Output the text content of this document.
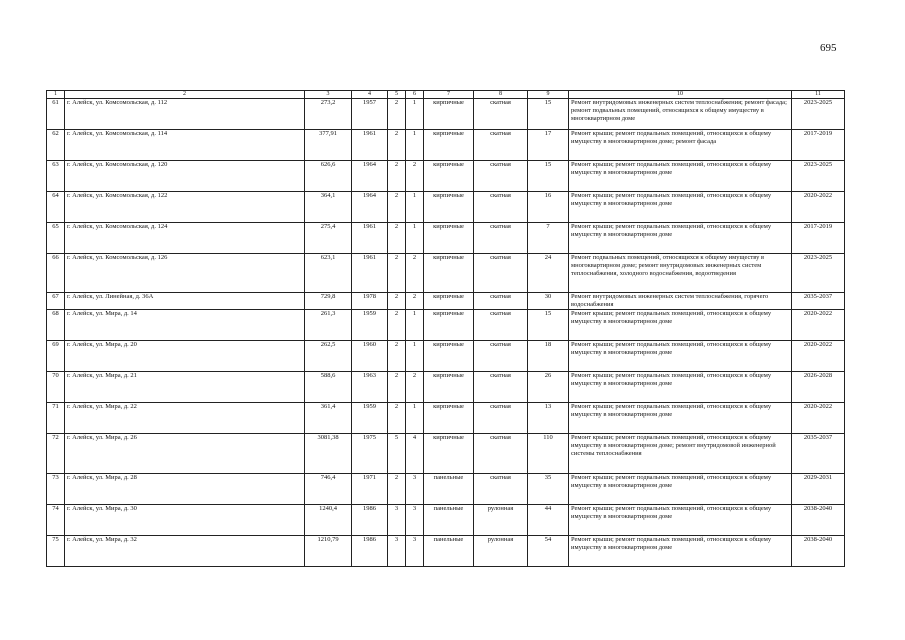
695
1	2	3	4	5	6	7	8	9	10	11
61	г. Алейск, ул. Комсомольская, д. 112	273,2	1957	2	1	кирпичные	скатная	15	Ремонт внутридомовых инженерных систем теплоснабжения; ремонт фасада; ремонт подвальных помещений, относящихся к общему имуществу в многоквартирном доме	2023-2025
62	г. Алейск, ул. Комсомольская, д. 114	377,91	1961	2	1	кирпичные	скатная	17	Ремонт крыши; ремонт подвальных помещений, относящихся к общему имуществу в многоквартирном доме; ремонт фасада	2017-2019
63	г. Алейск, ул. Комсомольская, д. 120	626,6	1964	2	2	кирпичные	скатная	15	Ремонт крыши; ремонт подвальных помещений, относящихся к общему имуществу в многоквартирном доме	2023-2025
64	г. Алейск, ул. Комсомольская, д. 122	364,1	1964	2	1	кирпичные	скатная	16	Ремонт крыши; ремонт подвальных помещений, относящихся к общему имуществу в многоквартирном доме	2020-2022
65	г. Алейск, ул. Комсомольская, д. 124	275,4	1961	2	1	кирпичные	скатная	7	Ремонт крыши; ремонт подвальных помещений, относящихся к общему имуществу в многоквартирном доме	2017-2019
66	г. Алейск, ул. Комсомольская, д. 126	623,1	1961	2	2	кирпичные	скатная	24	Ремонт подвальных помещений, относящихся к общему имуществу в многоквартирном доме; ремонт внутридомовых инженерных систем теплоснабжения, холодного водоснабжения, водоотведения	2023-2025
67	г. Алейск, ул. Линейная, д. 36А	729,8	1978	2	2	кирпичные	скатная	30	Ремонт внутридомовых инженерных систем теплоснабжения, горячего водоснабжения	2035-2037
68	г. Алейск, ул. Мира, д. 14	261,3	1959	2	1	кирпичные	скатная	15	Ремонт крыши; ремонт подвальных помещений, относящихся к общему имуществу в многоквартирном доме	2020-2022
69	г. Алейск, ул. Мира, д. 20	262,5	1960	2	1	кирпичные	скатная	18	Ремонт крыши; ремонт подвальных помещений, относящихся к общему имуществу в многоквартирном доме	2020-2022
70	г. Алейск, ул. Мира, д. 21	588,6	1963	2	2	кирпичные	скатная	26	Ремонт крыши; ремонт подвальных помещений, относящихся к общему имуществу в многоквартирном доме	2026-2028
71	г. Алейск, ул. Мира, д. 22	361,4	1959	2	1	кирпичные	скатная	13	Ремонт крыши; ремонт подвальных помещений, относящихся к общему имуществу в многоквартирном доме	2020-2022
72	г. Алейск, ул. Мира, д. 26	3081,38	1975	5	4	кирпичные	скатная	110	Ремонт крыши; ремонт подвальных помещений, относящихся к общему имуществу в многоквартирном доме; ремонт внутридомовой инженерной системы теплоснабжения	2035-2037
73	г. Алейск, ул. Мира, д. 28	746,4	1971	2	3	панельные	скатная	35	Ремонт крыши; ремонт подвальных помещений, относящихся к общему имуществу в многоквартирном доме	2029-2031
74	г. Алейск, ул. Мира, д. 30	1240,4	1986	3	3	панельные	рулонная	44	Ремонт крыши; ремонт подвальных помещений, относящихся к общему имуществу в многоквартирном доме	2038-2040
75	г. Алейск, ул. Мира, д. 32	1210,79	1986	3	3	панельные	рулонная	54	Ремонт крыши; ремонт подвальных помещений, относящихся к общему имуществу в многоквартирном доме	2038-2040
